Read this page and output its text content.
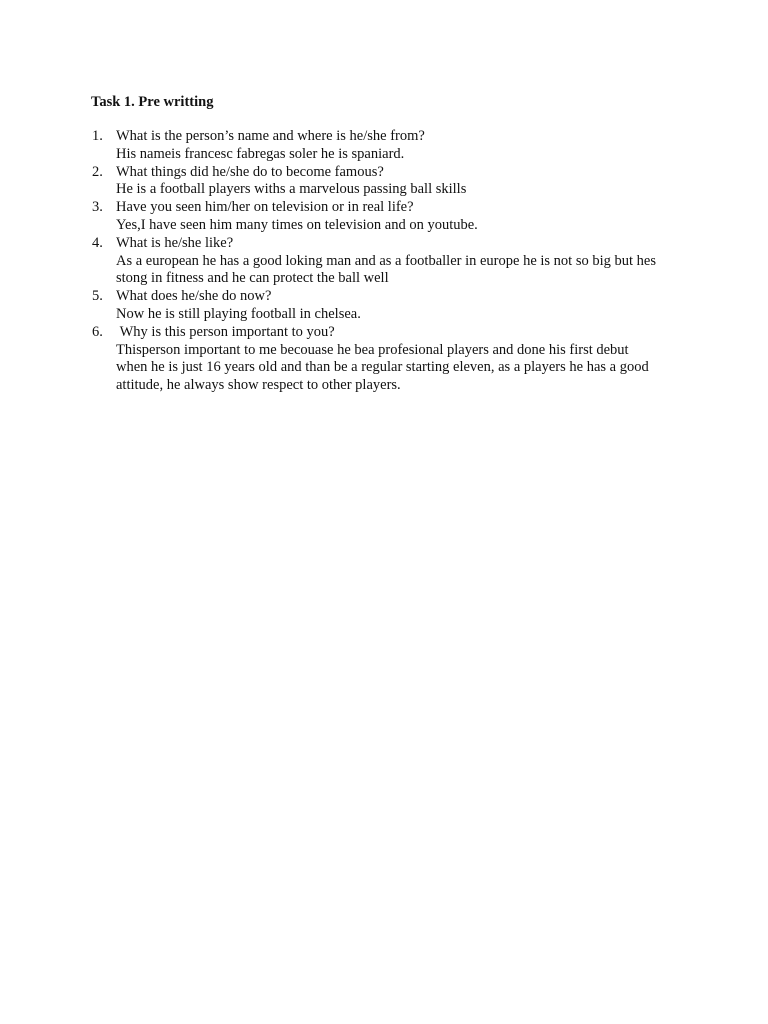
Task 1. Pre writting
1. What is the person’s name and where is he/she from?
His nameis francesc fabregas soler he is spaniard.
2. What things did he/she do to become famous?
He is a football players withs a marvelous passing ball skills
3. Have you seen him/her on television or in real life?
Yes,I have seen him many times on television and on youtube.
4. What is he/she like?
As a european he has a good loking man and as a footballer in europe he is not so big but hes
stong in fitness and he can protect the ball well
5. What does he/she do now?
Now he is still playing football in chelsea.
6. Why is this person important to you?
Thisperson important to me becouase he bea profesional players and done his first debut
when he is just 16 years old and than be a regular starting eleven, as a players he has a good
attitude, he always show respect to other players.
